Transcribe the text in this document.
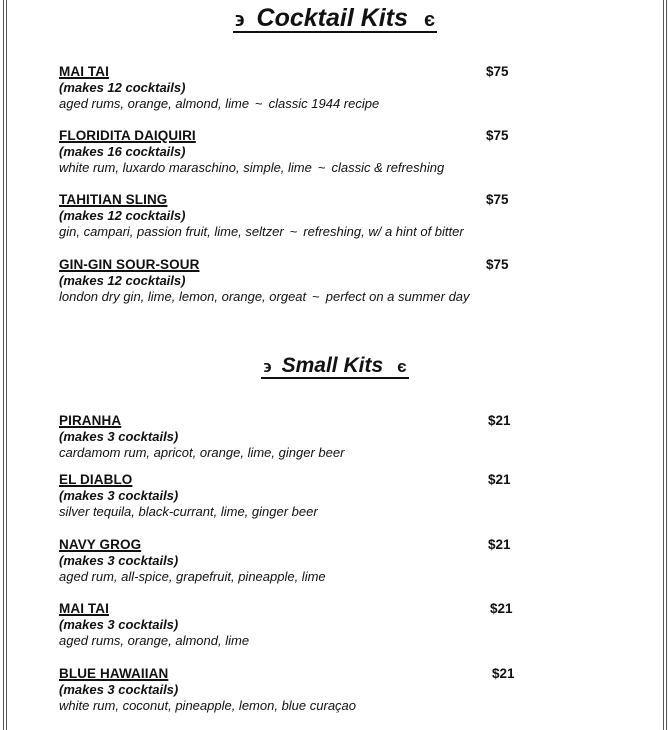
϶ Cocktail Kits є
MAI TAI
(makes 12 cocktails)
aged rums, orange, almond, lime ~ classic 1944 recipe
$75
FLORIDITA DAIQUIRI
(makes 16 cocktails)
white rum, luxardo maraschino, simple, lime ~ classic & refreshing
$75
TAHITIAN SLING
(makes 12 cocktails)
gin, campari, passion fruit, lime, seltzer ~ refreshing, w/ a hint of bitter
$75
GIN-GIN SOUR-SOUR
(makes 12 cocktails)
london dry gin, lime, lemon, orange, orgeat ~ perfect on a summer day
$75
϶ Small Kits є
PIRANHA
(makes 3 cocktails)
cardamom rum, apricot, orange, lime, ginger beer
$21
EL DIABLO
(makes 3 cocktails)
silver tequila, black-currant, lime, ginger beer
$21
NAVY GROG
(makes 3 cocktails)
aged rum, all-spice, grapefruit, pineapple, lime
$21
MAI TAI
(makes 3 cocktails)
aged rums, orange, almond, lime
$21
BLUE HAWAIIAN
(makes 3 cocktails)
white rum, coconut, pineapple, lemon, blue curaçao
$21
